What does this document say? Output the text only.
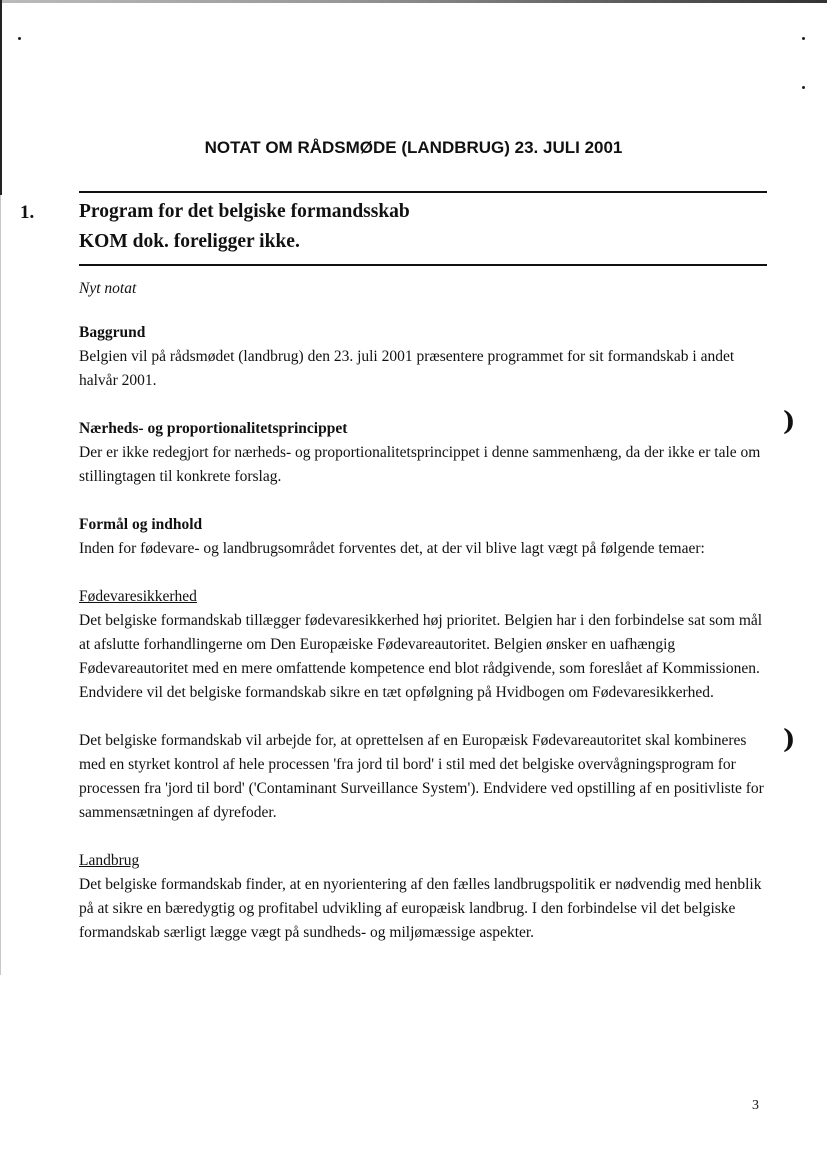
)
)
NOTAT OM RÅDSMØDE (LANDBRUG) 23. JULI 2001
1. Program for det belgiske formandsskab
KOM dok. foreligger ikke.
Nyt notat
Baggrund
Belgien vil på rådsmødet (landbrug) den 23. juli 2001 præsentere programmet for sit formandskab i andet halvår 2001.
Nærheds- og proportionalitetsprincippet
Der er ikke redegjort for nærheds- og proportionalitetsprincippet i denne sammenhæng, da der ikke er tale om stillingtagen til konkrete forslag.
Formål og indhold
Inden for fødevare- og landbrugsområdet forventes det, at der vil blive lagt vægt på følgende temaer:
Fødevaresikkerhed
Det belgiske formandskab tillægger fødevaresikkerhed høj prioritet. Belgien har i den forbindelse sat som mål at afslutte forhandlingerne om Den Europæiske Fødevareautoritet. Belgien ønsker en uafhængig Fødevareautoritet med en mere omfattende kompetence end blot rådgivende, som foreslået af Kommissionen. Endvidere vil det belgiske formandskab sikre en tæt opfølgning på Hvidbogen om Fødevaresikkerhed.
Det belgiske formandskab vil arbejde for, at oprettelsen af en Europæisk Fødevareautoritet skal kombineres med en styrket kontrol af hele processen 'fra jord til bord' i stil med det belgiske overvågningsprogram for processen fra 'jord til bord' ('Contaminant Surveillance System'). Endvidere ved opstilling af en positivliste for sammensætningen af dyrefoder.
Landbrug
Det belgiske formandskab finder, at en nyorientering af den fælles landbrugspolitik er nødvendig med henblik på at sikre en bæredygtig og profitabel udvikling af europæisk landbrug. I den forbindelse vil det belgiske formandskab særligt lægge vægt på sundheds- og miljømæssige aspekter.
3
